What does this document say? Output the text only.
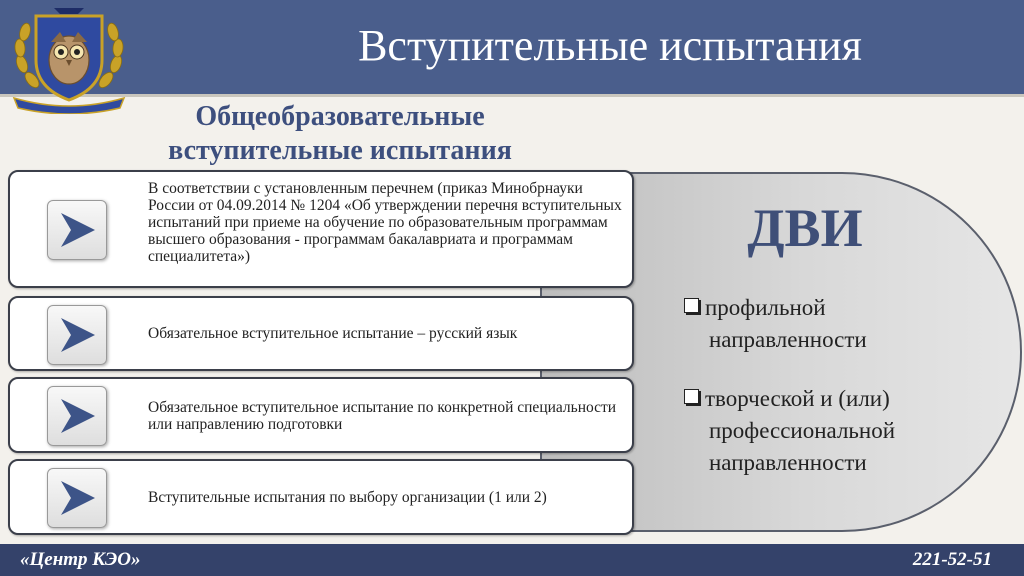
Вступительные испытания
Общеобразовательные
вступительные испытания
ДВИ
профильной
направленности
творческой и (или)
профессиональной
направленности
В соответствии с установленным перечнем (приказ Минобрнауки России от 04.09.2014 № 1204 «Об утверждении перечня вступительных испытаний при приеме на обучение по образовательным программам высшего образования - программам бакалавриата и программам специалитета»)
Обязательное вступительное испытание – русский язык
Обязательное вступительное испытание по конкретной специальности или направлению подготовки
Вступительные испытания по выбору организации (1 или 2)
«Центр КЭО»	221-52-51
